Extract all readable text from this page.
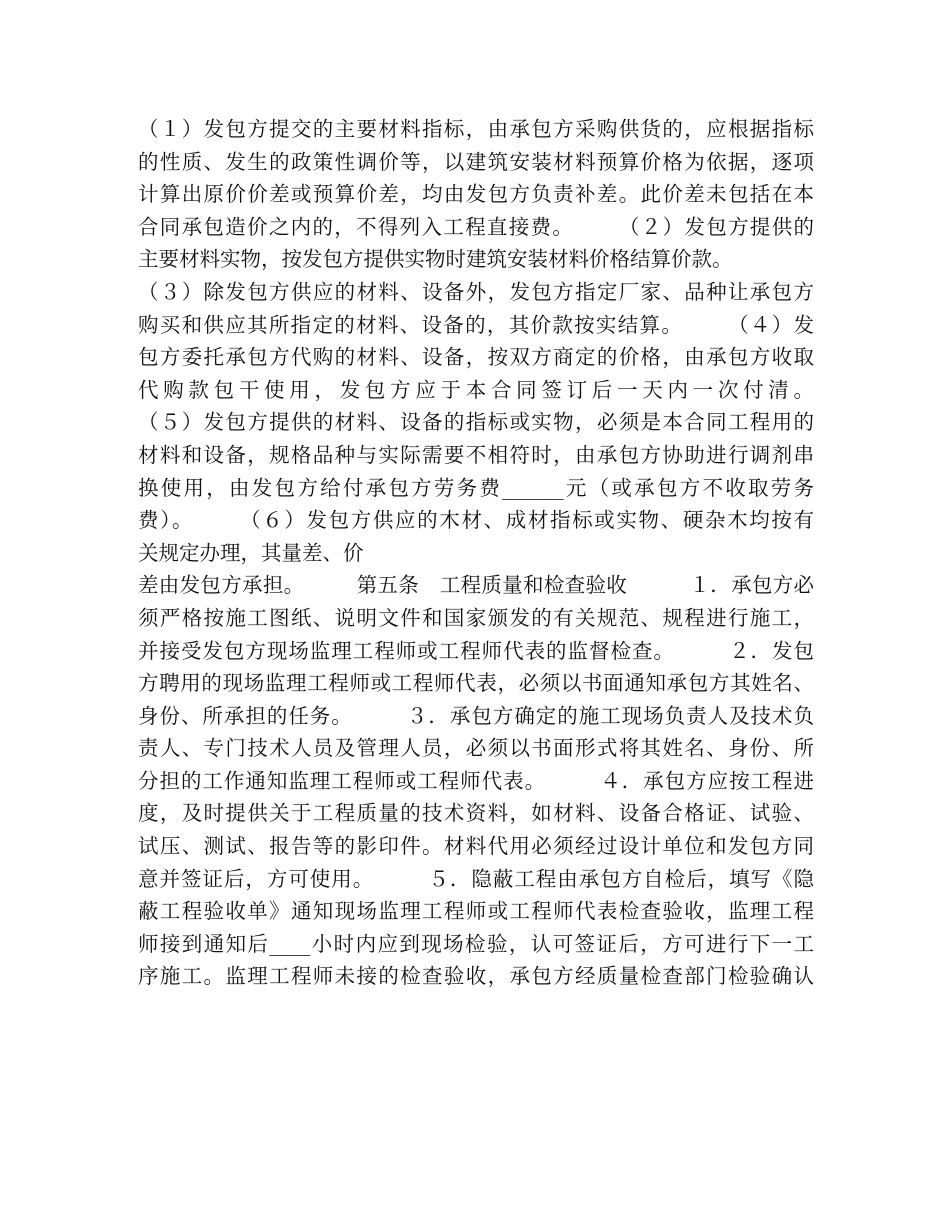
（１）发包方提交的主要材料指标，由承包方采购供货的，应根据指标
的性质、发生的政策性调价等，以建筑安装材料预算价格为依据，逐项
计算出原价价差或预算价差，均由发包方负责补差。此价差未包括在本
合同承包造价之内的，不得列入工程直接费。　　　（２）发包方提供的
主要材料实物，按发包方提供实物时建筑安装材料价格结算价款。
（３）除发包方供应的材料、设备外，发包方指定厂家、品种让承包方
购买和供应其所指定的材料、设备的，其价款按实结算。　　　（４）发
包方委托承包方代购的材料、设备，按双方商定的价格，由承包方收取
代购款包干使用，发包方应于本合同签订后一天内一次付清。
（５）发包方提供的材料、设备的指标或实物，必须是本合同工程用的
材料和设备，规格品种与实际需要不相符时，由承包方协助进行调剂串
换使用，由发包方给付承包方劳务费______元（或承包方不收取劳务
费）。　　　（６）发包方供应的木材、成材指标或实物、硬杂木均按有
关规定办理，其量差、价
差由发包方承担。　　　第五条　工程质量和检查验收　　　１．承包方必
须严格按施工图纸、说明文件和国家颁发的有关规范、规程进行施工，
并接受发包方现场监理工程师或工程师代表的监督检查。　　　２．发包
方聘用的现场监理工程师或工程师代表，必须以书面通知承包方其姓名、
身份、所承担的任务。　　　３．承包方确定的施工现场负责人及技术负
责人、专门技术人员及管理人员，必须以书面形式将其姓名、身份、所
分担的工作通知监理工程师或工程师代表。　　　４．承包方应按工程进
度，及时提供关于工程质量的技术资料，如材料、设备合格证、试验、
试压、测试、报告等的影印件。材料代用必须经过设计单位和发包方同
意并签证后，方可使用。　　　５．隐蔽工程由承包方自检后，填写《隐
蔽工程验收单》通知现场监理工程师或工程师代表检查验收，监理工程
师接到通知后____小时内应到现场检验，认可签证后，方可进行下一工
序施工。监理工程师未接的检查验收，承包方经质量检查部门检验确认
